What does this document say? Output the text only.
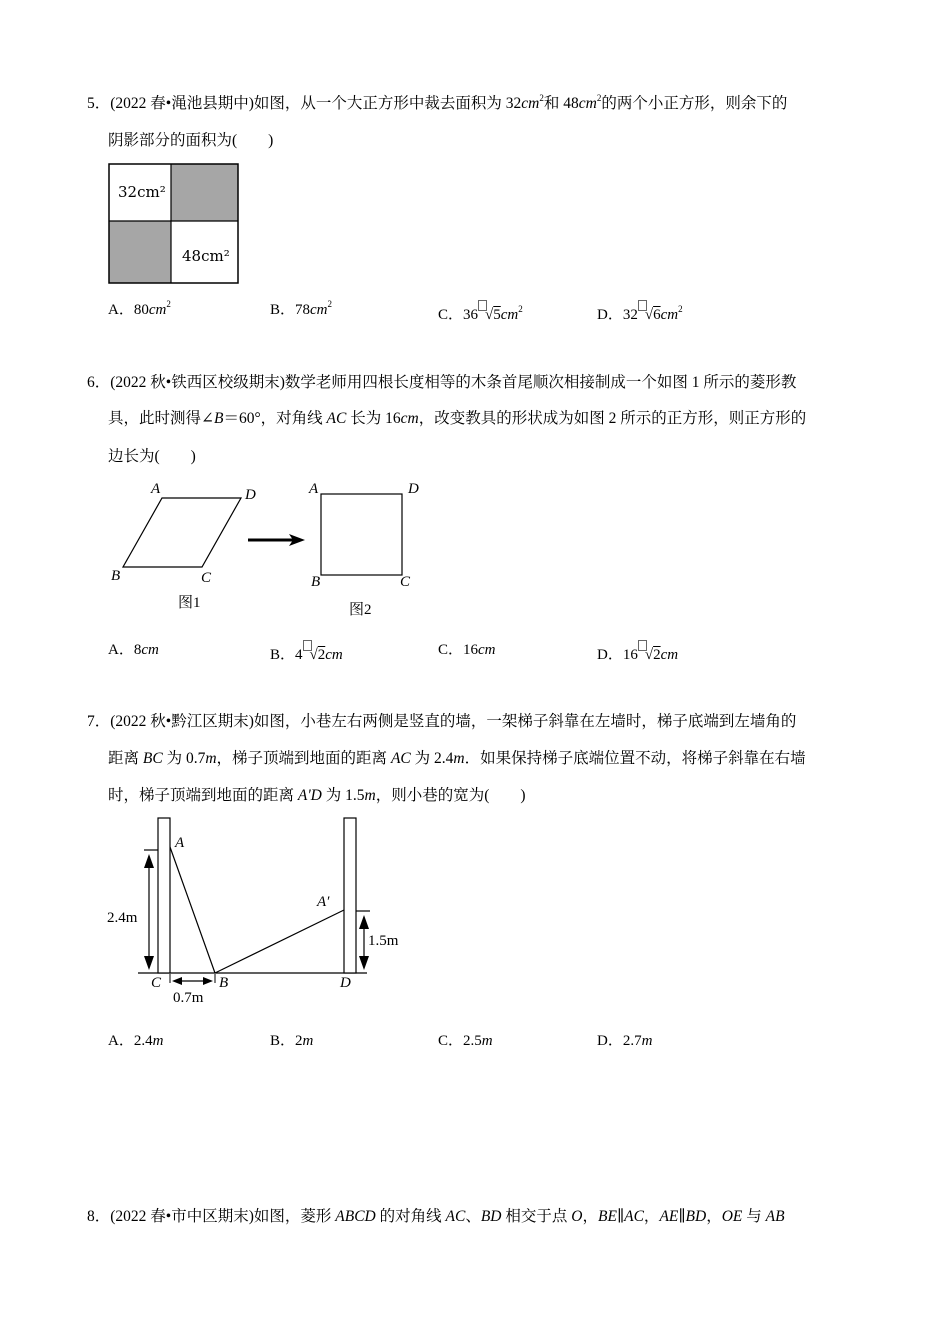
5．(2022 春•渑池县期中)如图，从一个大正方形中裁去面积为 $32cm^2$和 $48cm^2$的两个小正方形，则余下的
阴影部分的面积为(　　)
32cm²
48cm²
A．$80cm^2$	B．$78cm^2$
C．36 $√5cm^2$	D．32 $√6cm^2$
6．(2022 秋•铁西区校级期末)数学老师用四根长度相等的木条首尾顺次相接制成一个如图 1 所示的菱形教
具，此时测得∠B＝60°，对角线 AC 长为 16cm，改变教具的形状成为如图 2 所示的正方形，则正方形的
边长为(　　)
A	D
B	C
图1
A	D
B	C
图2
A．8cm	B．4 √2cm	C．16cm	D．16 √2cm
7．(2022 秋•黔江区期末)如图，小巷左右两侧是竖直的墙，一架梯子斜靠在左墙时，梯子底端到左墙角的
距离 BC 为 0.7m，梯子顶端到地面的距离 AC 为 2.4m．如果保持梯子底端位置不动，将梯子斜靠在右墙
时，梯子顶端到地面的距离 A'D 为 1.5m，则小巷的宽为(　　)
A
A′
B
C	D
2.4m
1.5m
0.7m
A．2.4m	B．2m	C．2.5m	D．2.7m
8．(2022 春•市中区期末)如图，菱形 ABCD 的对角线 AC、BD 相交于点 O，BE∥AC，AE∥BD，OE 与 AB
